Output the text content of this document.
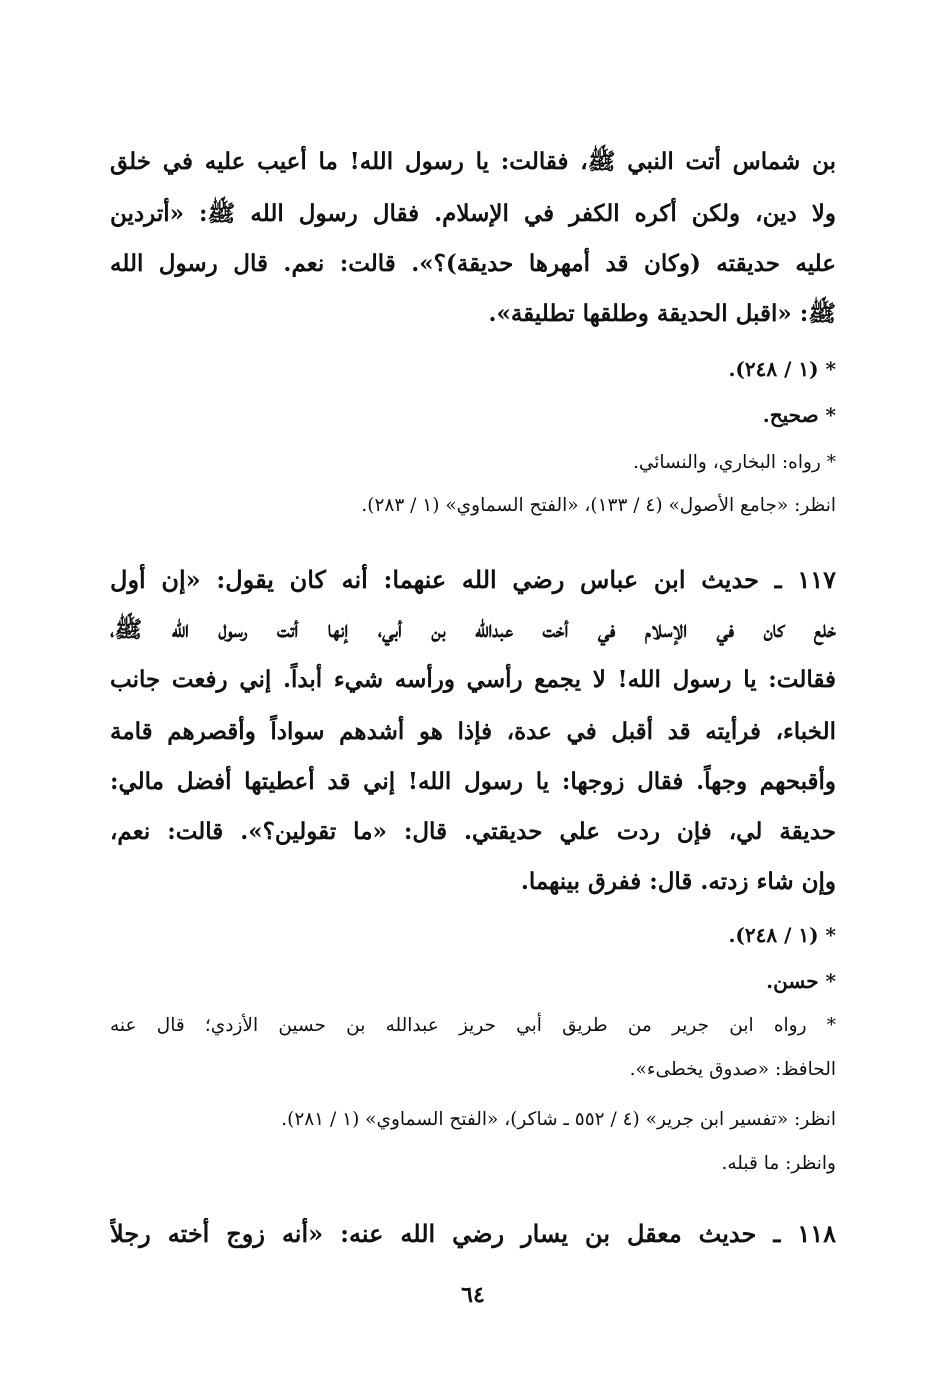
بن شماس أتت النبي ﷺ، فقالت: يا رسول الله! ما أعيب عليه في خلق
ولا دين، ولكن أكره الكفر في الإسلام. فقال رسول الله ﷺ: «أتردين
عليه حديقته (وكان قد أمهرها حديقة)؟». قالت: نعم. قال رسول الله
ﷺ: «اقبل الحديقة وطلقها تطليقة».
* (١ / ٢٤٨).
* صحيح.
* رواه: البخاري، والنسائي.
انظر: «جامع الأصول» (٤ / ١٣٣)، «الفتح السماوي» (١ / ٢٨٣).
١١٧ ـ حديث ابن عباس رضي الله عنهما: أنه كان يقول: «إن أول
خلع كان في الإسلام في أخت عبدالله بن أبي، إنها أتت رسول الله ﷺ،
فقالت: يا رسول الله! لا يجمع رأسي ورأسه شيء أبداً. إني رفعت جانب
الخباء، فرأيته قد أقبل في عدة، فإذا هو أشدهم سواداً وأقصرهم قامة
وأقبحهم وجهاً. فقال زوجها: يا رسول الله! إني قد أعطيتها أفضل مالي:
حديقة لي، فإن ردت علي حديقتي. قال: «ما تقولين؟». قالت: نعم،
وإن شاء زدته. قال: ففرق بينهما.
* (١ / ٢٤٨).
* حسن.
* رواه ابن جرير من طريق أبي حريز عبدالله بن حسين الأزدي؛ قال عنه
الحافظ: «صدوق يخطىء».
انظر: «تفسير ابن جرير» (٤ / ٥٥٢ ـ شاكر)، «الفتح السماوي» (١ / ٢٨١).
وانظر: ما قبله.
١١٨ ـ حديث معقل بن يسار رضي الله عنه: «أنه زوج أخته رجلاً
٦٤
